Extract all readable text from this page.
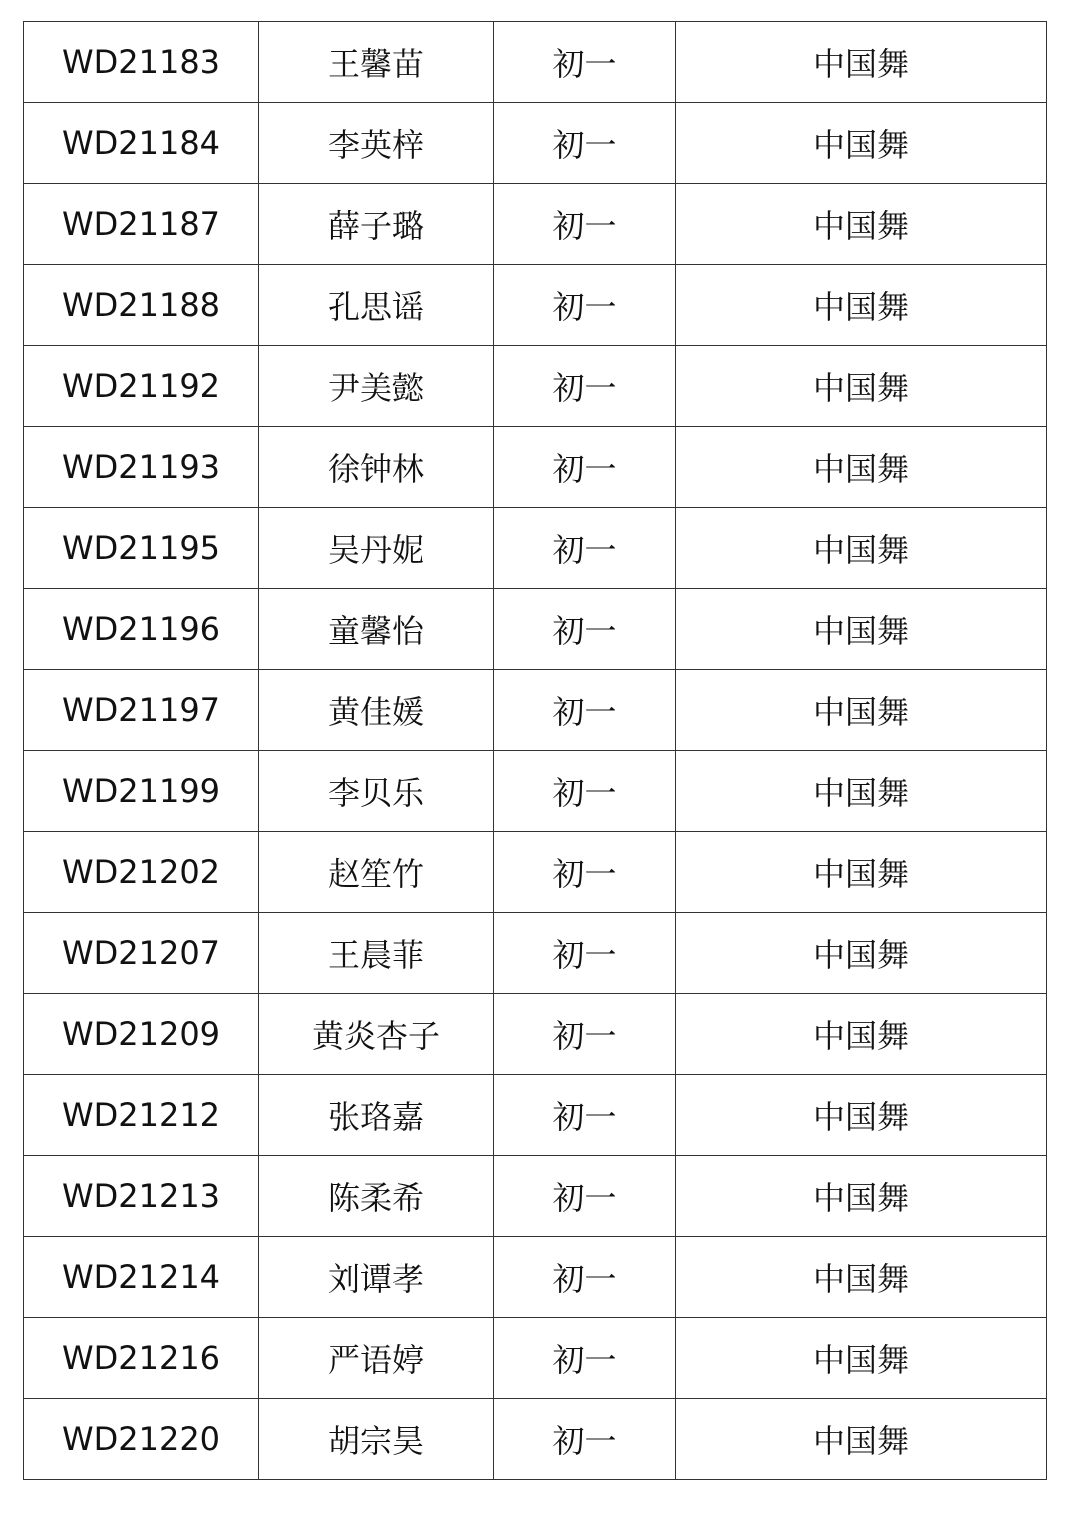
WD21183	王馨苗	初一	中国舞
WD21184	李英梓	初一	中国舞
WD21187	薛子璐	初一	中国舞
WD21188	孔思谣	初一	中国舞
WD21192	尹美懿	初一	中国舞
WD21193	徐钟林	初一	中国舞
WD21195	吴丹妮	初一	中国舞
WD21196	童馨怡	初一	中国舞
WD21197	黄佳媛	初一	中国舞
WD21199	李贝乐	初一	中国舞
WD21202	赵笙竹	初一	中国舞
WD21207	王晨菲	初一	中国舞
WD21209	黄炎杏子	初一	中国舞
WD21212	张珞嘉	初一	中国舞
WD21213	陈柔希	初一	中国舞
WD21214	刘谭孝	初一	中国舞
WD21216	严语婷	初一	中国舞
WD21220	胡宗昊	初一	中国舞
